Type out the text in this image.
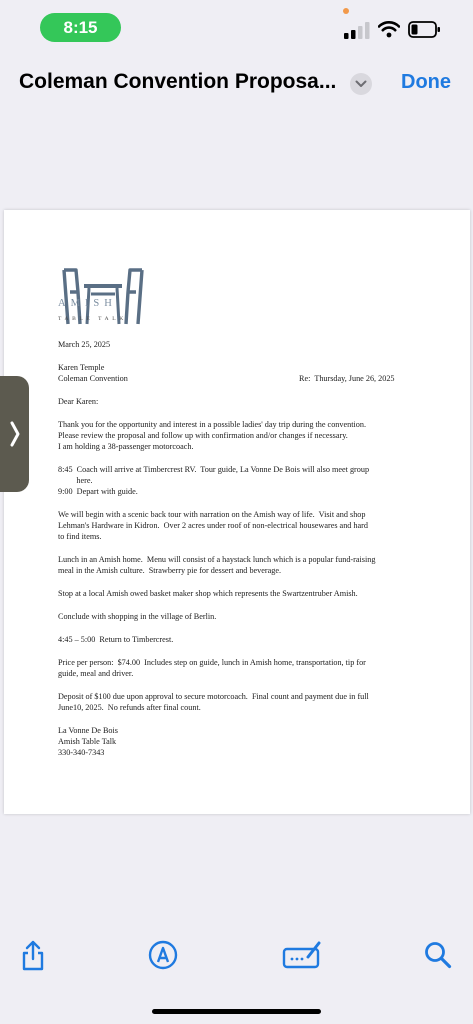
8:15
Coleman Convention Proposa...	Done
AMISH
TABLE TALK
March 25, 2025
Karen Temple
Coleman Convention	Re:  Thursday, June 26, 2025
Dear Karen:
Thank you for the opportunity and interest in a possible ladies' day trip during the convention.
Please review the proposal and follow up with confirmation and/or changes if necessary.
I am holding a 38-passenger motorcoach.
8:45  Coach will arrive at Timbercrest RV.  Tour guide, La Vonne De Bois will also meet group
here.
9:00  Depart with guide.
We will begin with a scenic back tour with narration on the Amish way of life.  Visit and shop
Lehman's Hardware in Kidron.  Over 2 acres under roof of non-electrical housewares and hard
to find items.
Lunch in an Amish home.  Menu will consist of a haystack lunch which is a popular fund-raising
meal in the Amish culture.  Strawberry pie for dessert and beverage.
Stop at a local Amish owed basket maker shop which represents the Swartzentruber Amish.
Conclude with shopping in the village of Berlin.
4:45 – 5:00  Return to Timbercrest.
Price per person:  $74.00  Includes step on guide, lunch in Amish home, transportation, tip for
guide, meal and driver.
Deposit of $100 due upon approval to secure motorcoach.  Final count and payment due in full
June10, 2025.  No refunds after final count.
La Vonne De Bois
Amish Table Talk
330-340-7343
